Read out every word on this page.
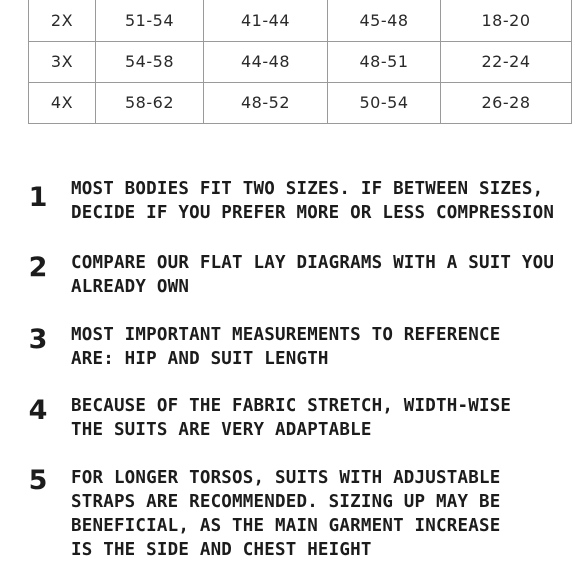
2X	51-54	41-44	45-48	18-20
3X	54-58	44-48	48-51	22-24
4X	58-62	48-52	50-54	26-28
1 MOST BODIES FIT TWO SIZES. IF BETWEEN SIZES,
DECIDE IF YOU PREFER MORE OR LESS COMPRESSION
2 COMPARE OUR FLAT LAY DIAGRAMS WITH A SUIT YOU
ALREADY OWN
3 MOST IMPORTANT MEASUREMENTS TO REFERENCE
ARE: HIP AND SUIT LENGTH
4 BECAUSE OF THE FABRIC STRETCH, WIDTH-WISE
THE SUITS ARE VERY ADAPTABLE
5 FOR LONGER TORSOS, SUITS WITH ADJUSTABLE
STRAPS ARE RECOMMENDED. SIZING UP MAY BE
BENEFICIAL, AS THE MAIN GARMENT INCREASE
IS THE SIDE AND CHEST HEIGHT
